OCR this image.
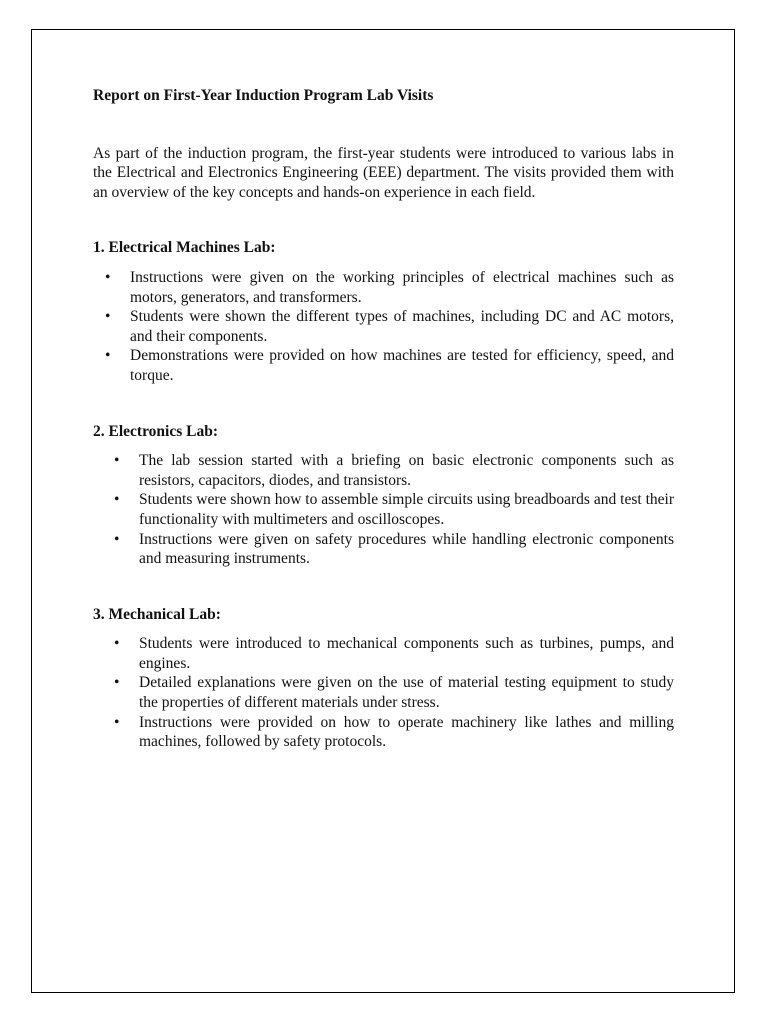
Report on First-Year Induction Program Lab Visits

As part of the induction program, the first-year students were introduced to various labs in the Electrical and Electronics Engineering (EEE) department. The visits provided them with an overview of the key concepts and hands-on experience in each field.

1. Electrical Machines Lab:

• Instructions were given on the working principles of electrical machines such as motors, generators, and transformers.
• Students were shown the different types of machines, including DC and AC motors, and their components.
• Demonstrations were provided on how machines are tested for efficiency, speed, and torque.

2. Electronics Lab:

• The lab session started with a briefing on basic electronic components such as resistors, capacitors, diodes, and transistors.
• Students were shown how to assemble simple circuits using breadboards and test their functionality with multimeters and oscilloscopes.
• Instructions were given on safety procedures while handling electronic components and measuring instruments.

3. Mechanical Lab:

• Students were introduced to mechanical components such as turbines, pumps, and engines.
• Detailed explanations were given on the use of material testing equipment to study the properties of different materials under stress.
• Instructions were provided on how to operate machinery like lathes and milling machines, followed by safety protocols.
